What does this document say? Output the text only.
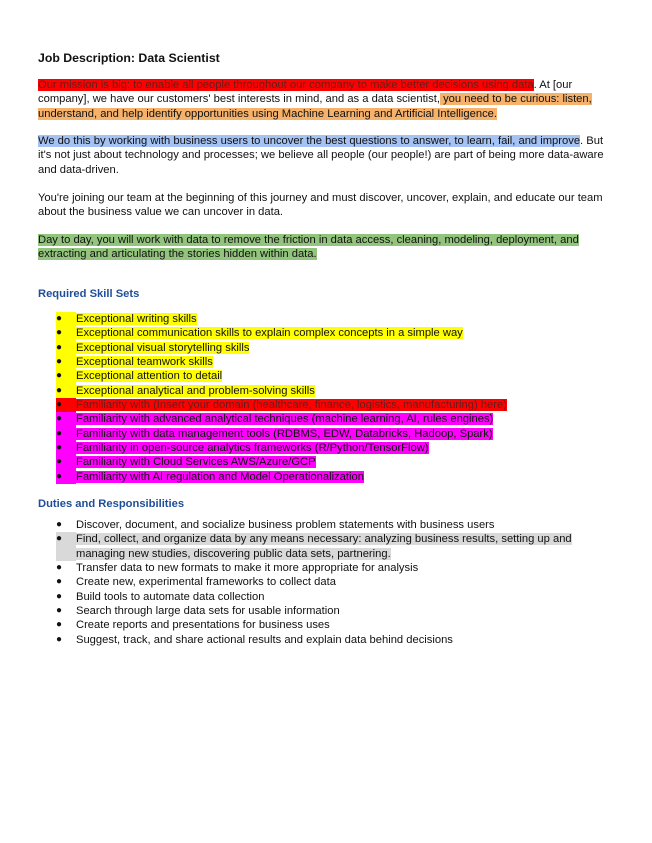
Job Description: Data Scientist

Our mission is big: to enable all people throughout our company to make better decisions using data. At [our company], we have our customers' best interests in mind, and as a data scientist, you need to be curious: listen, understand, and help identify opportunities using Machine Learning and Artificial Intelligence.

We do this by working with business users to uncover the best questions to answer, to learn, fail, and improve. But it's not just about technology and processes; we believe all people (our people!) are part of being more data-aware and data-driven.

You're joining our team at the beginning of this journey and must discover, uncover, explain, and educate our team about the business value we can uncover in data.

Day to day, you will work with data to remove the friction in data access, cleaning, modeling, deployment, and extracting and articulating the stories hidden within data.

Required Skill Sets
● Exceptional writing skills
● Exceptional communication skills to explain complex concepts in a simple way
● Exceptional visual storytelling skills
● Exceptional teamwork skills
● Exceptional attention to detail
● Exceptional analytical and problem-solving skills
● Familiarity with (Insert your domain (healthcare, finance, logistics, manufacturing) here)
● Familiarity with advanced analytical techniques (machine learning, AI, rules engines)
● Familiarity with data management tools (RDBMS, EDW, Databricks, Hadoop, Spark)
● Familiarity in open-source analytics frameworks (R/Python/TensorFlow)
● Familiarity with Cloud Services AWS/Azure/GCP
● Familiarity with AI regulation and Model Operationalization
Duties and Responsibilities
● Discover, document, and socialize business problem statements with business users
● Find, collect, and organize data by any means necessary: analyzing business results, setting up and managing new studies, discovering public data sets, partnering.
● Transfer data to new formats to make it more appropriate for analysis
● Create new, experimental frameworks to collect data
● Build tools to automate data collection
● Search through large data sets for usable information
● Create reports and presentations for business uses
● Suggest, track, and share actional results and explain data behind decisions
